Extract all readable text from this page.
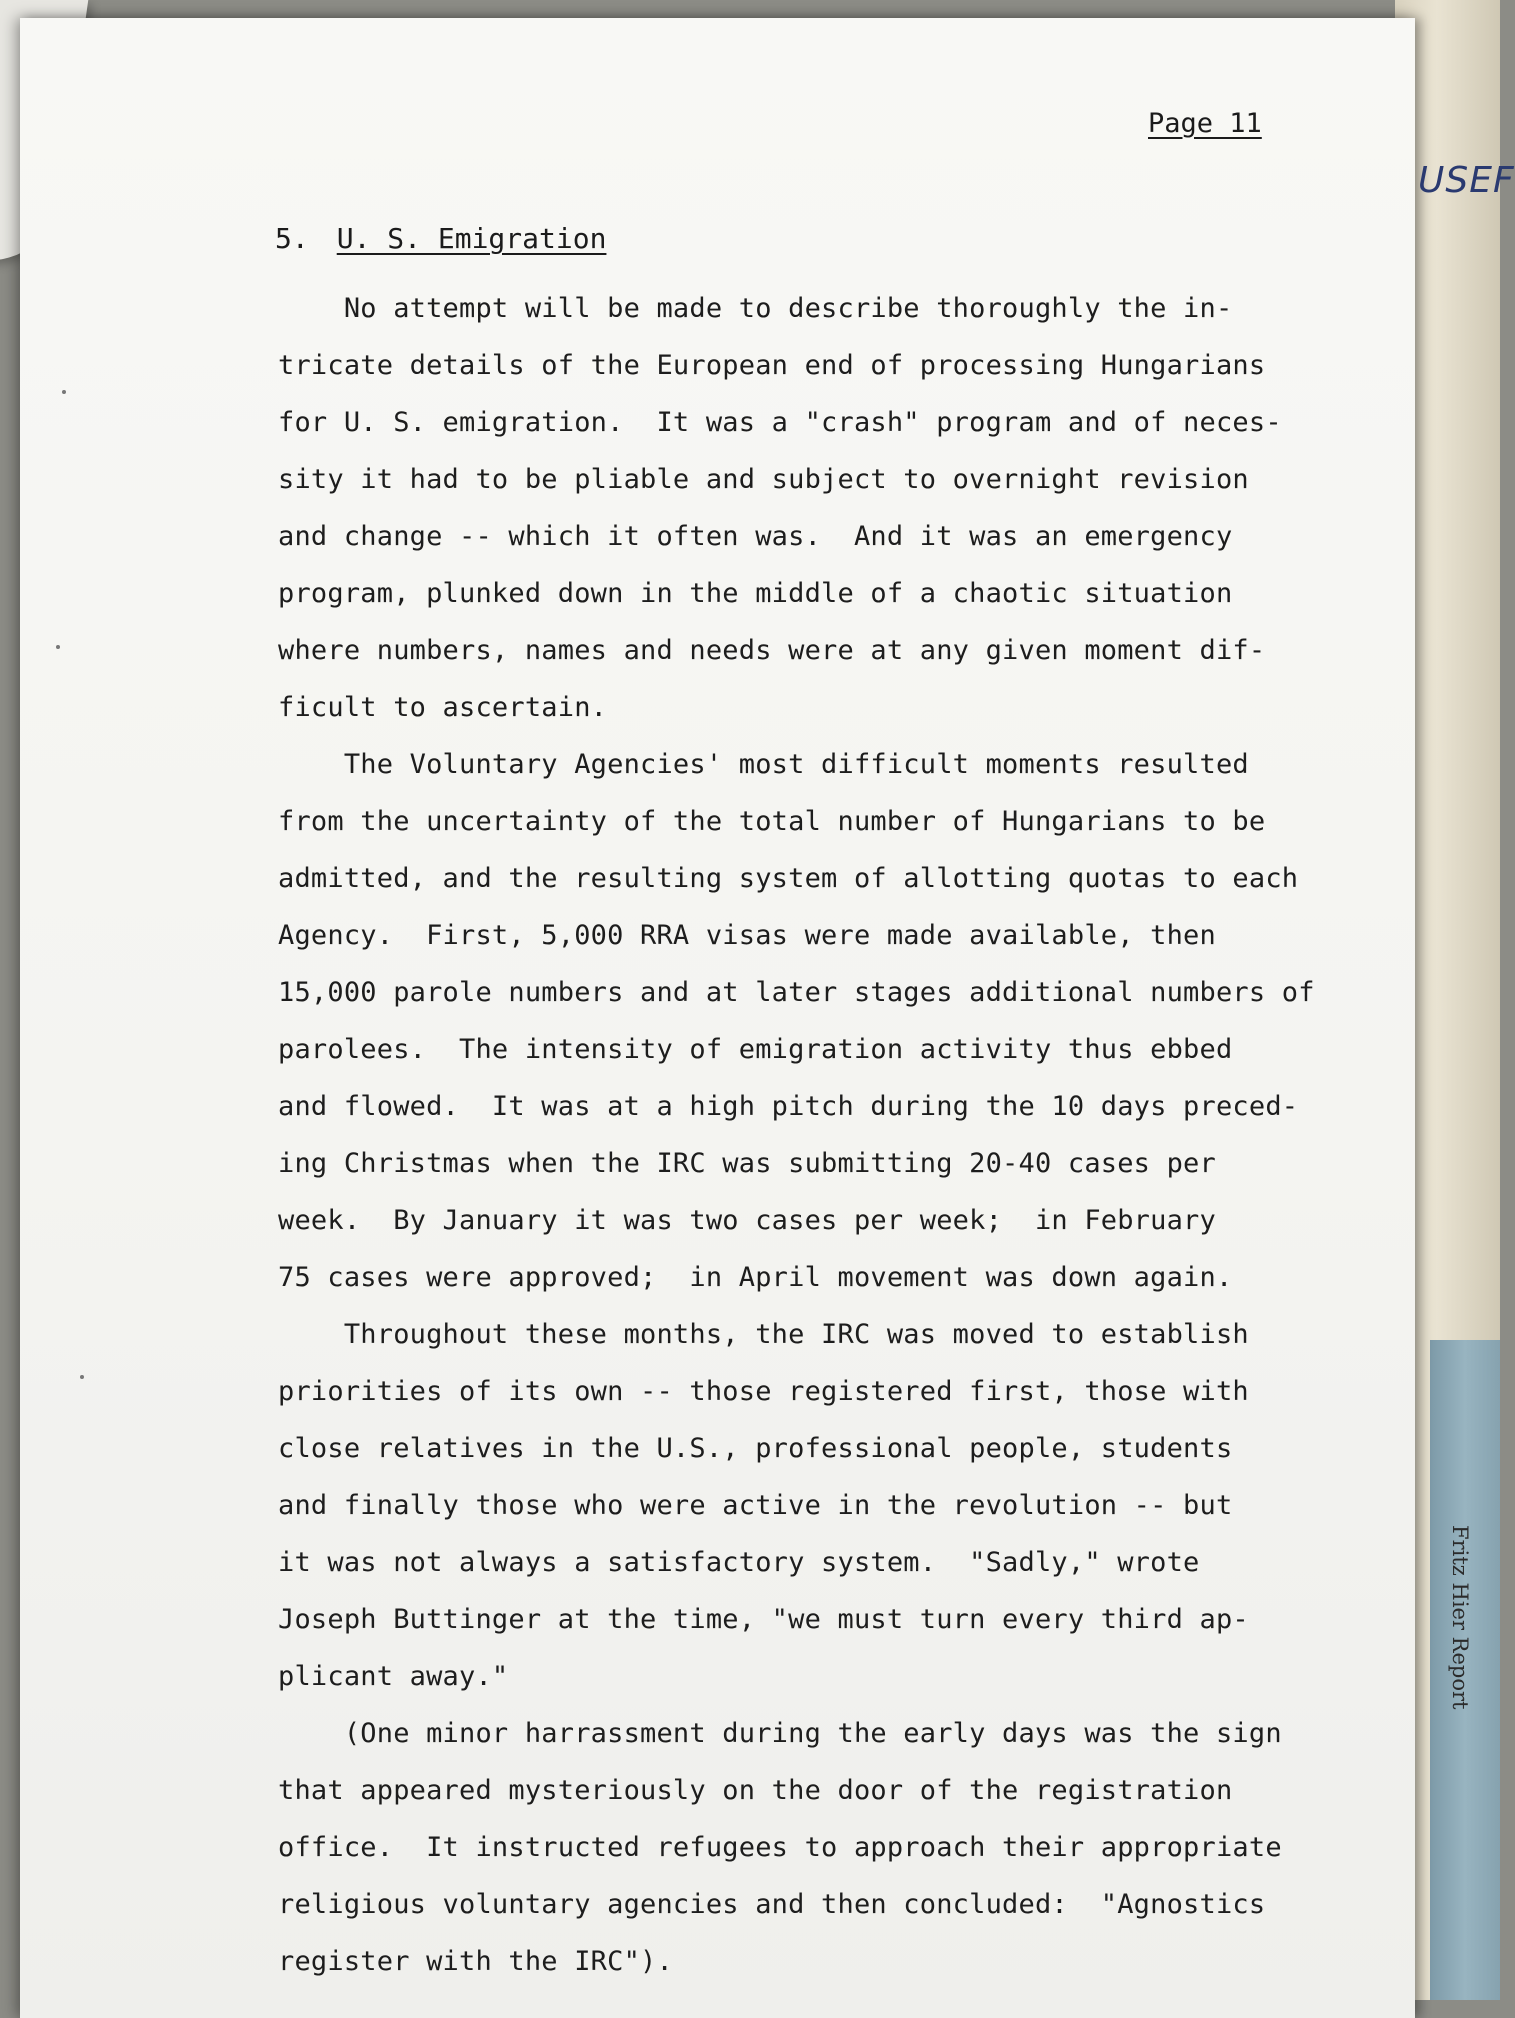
Page 11
5. U. S. Emigration
No attempt will be made to describe thoroughly the in-
tricate details of the European end of processing Hungarians
for U. S. emigration.  It was a "crash" program and of neces-
sity it had to be pliable and subject to overnight revision
and change -- which it often was.  And it was an emergency
program, plunked down in the middle of a chaotic situation
where numbers, names and needs were at any given moment dif-
ficult to ascertain.
The Voluntary Agencies' most difficult moments resulted
from the uncertainty of the total number of Hungarians to be
admitted, and the resulting system of allotting quotas to each
Agency.  First, 5,000 RRA visas were made available, then
15,000 parole numbers and at later stages additional numbers of
parolees.  The intensity of emigration activity thus ebbed
and flowed.  It was at a high pitch during the 10 days preced-
ing Christmas when the IRC was submitting 20-40 cases per
week.  By January it was two cases per week;  in February
75 cases were approved;  in April movement was down again.
Throughout these months, the IRC was moved to establish
priorities of its own -- those registered first, those with
close relatives in the U.S., professional people, students
and finally those who were active in the revolution -- but
it was not always a satisfactory system.  "Sadly," wrote
Joseph Buttinger at the time, "we must turn every third ap-
plicant away."
(One minor harrassment during the early days was the sign
that appeared mysteriously on the door of the registration
office.  It instructed refugees to approach their appropriate
religious voluntary agencies and then concluded:  "Agnostics
register with the IRC").
USEF
Fritz Hier Report
